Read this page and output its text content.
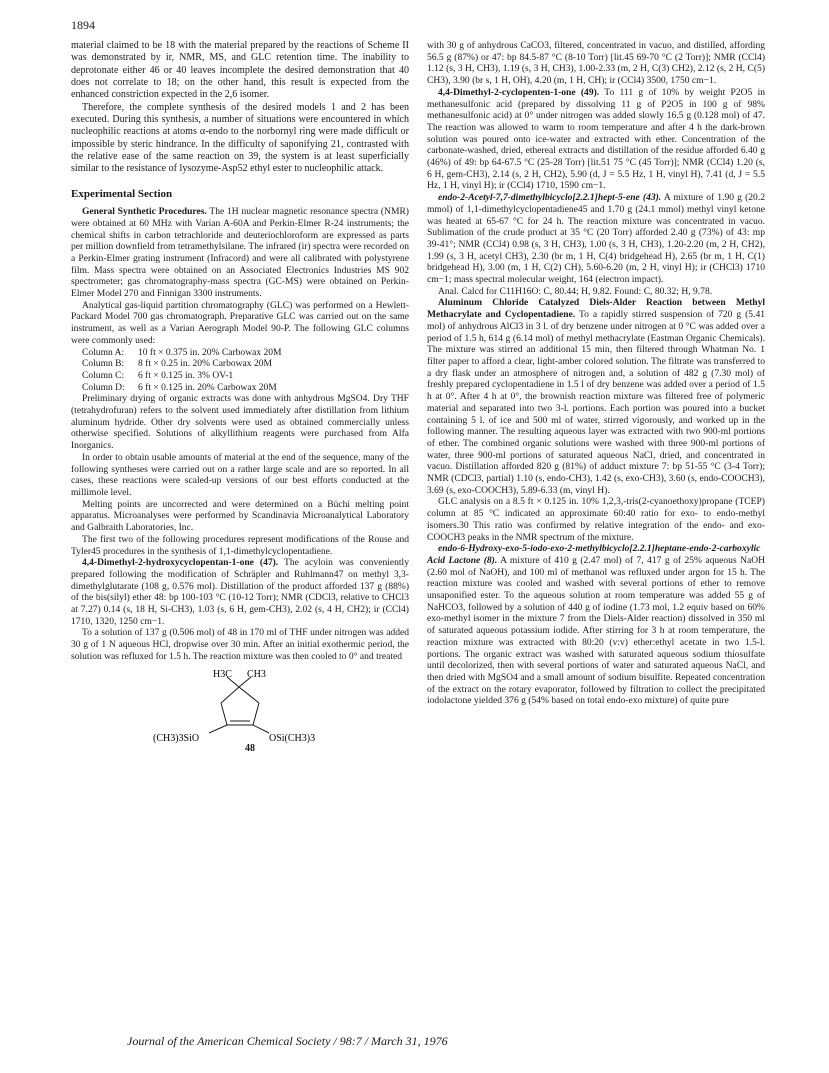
1894

material claimed to be 18 with the material prepared by the reactions of Scheme II was demonstrated by ir, NMR, MS, and GLC retention time. The inability to deprotonate either 46 or 40 leaves incomplete the desired demonstration that 40 does not correlate to 18; on the other hand, this result is expected from the enhanced constriction expected in the 2,6 isomer.

Therefore, the complete synthesis of the desired models 1 and 2 has been executed. During this synthesis, a number of situations were encountered in which nucleophilic reactions at atoms α-endo to the norbornyl ring were made difficult or impossible by steric hindrance. In the difficulty of saponifying 21, contrasted with the relative ease of the same reaction on 39, the system is at least superficially similar to the resistance of lysozyme-Asp52 ethyl ester to nucleophilic attack.

Experimental Section

General Synthetic Procedures. The 1H nuclear magnetic resonance spectra (NMR) were obtained at 60 MHz with Varian A-60A and Perkin-Elmer R-24 instruments; the chemical shifts in carbon tetrachloride and deuteriochloroform are expressed as parts per million downfield from tetramethylsilane. The infrared (ir) spectra were recorded on a Perkin-Elmer grating instrument (Infracord) and were all calibrated with polystyrene film. Mass spectra were obtained on an Associated Electronics Industries MS 902 spectrometer; gas chromatography-mass spectra (GC-MS) were obtained on Perkin-Elmer Model 270 and Finnigan 3300 instruments.

Analytical gas-liquid partition chromatography (GLC) was performed on a Hewlett-Packard Model 700 gas chromatograph. Preparative GLC was carried out on the same instrument, as well as a Varian Aerograph Model 90-P. The following GLC columns were commonly used:

Column A: 10 ft × 0.375 in. 20% Carbowax 20M
Column B: 8 ft × 0.25 in. 20% Carbowax 20M
Column C: 6 ft × 0.125 in. 3% OV-1
Column D: 6 ft × 0.125 in. 20% Carbowax 20M

Preliminary drying of organic extracts was done with anhydrous MgSO4. Dry THF (tetrahydrofuran) refers to the solvent used immediately after distillation from lithium aluminum hydride. Other dry solvents were used as obtained commercially unless otherwise specified. Solutions of alkyllithium reagents were purchased from Alfa Inorganics.

In order to obtain usable amounts of material at the end of the sequence, many of the following syntheses were carried out on a rather large scale and are so reported. In all cases, these reactions were scaled-up versions of our best efforts conducted at the millimole level.

Melting points are uncorrected and were determined on a Büchi melting point apparatus. Microanalyses were performed by Scandinavia Microanalytical Laboratory and Galbraith Laboratories, Inc.

The first two of the following procedures represent modifications of the Rouse and Tyler45 procedures in the synthesis of 1,1-dimethylcyclopentadiene.

4,4-Dimethyl-2-hydroxycyclopentan-1-one (47). The acyloin was conveniently prepared following the modification of Schräpler and Ruhlmann47 on methyl 3,3-dimethylglutarate (108 g, 0.576 mol). Distillation of the product afforded 137 g (88%) of the bis(silyl) ether 48: bp 100-103 °C (10-12 Torr); NMR (CDCl3, relative to CHCl3 at 7.27) 0.14 (s, 18 H, Si-CH3), 1.03 (s, 6 H, gem-CH3), 2.02 (s, 4 H, CH2); ir (CCl4) 1710, 1320, 1250 cm−1.

To a solution of 137 g (0.506 mol) of 48 in 170 ml of THF under nitrogen was added 30 g of 1 N aqueous HCl, dropwise over 30 min. After an initial exothermic period, the solution was refluxed for 1.5 h. The reaction mixture was then cooled to 0° and treated

H3C CH3
(CH3)3SiO	OSi(CH3)3
48

with 30 g of anhydrous CaCO3, filtered, concentrated in vacuo, and distilled, affording 56.5 g (87%) or 47: bp 84.5-87 °C (8-10 Torr) [lit.45 69-70 °C (2 Torr)]; NMR (CCl4) 1.12 (s, 3 H, CH3), 1.19 (s, 3 H, CH3), 1.00-2.33 (m, 2 H, C(3) CH2), 2.12 (s, 2 H, C(5) CH3), 3.90 (br s, 1 H, OH), 4.20 (m, 1 H, CH); ir (CCl4) 3500, 1750 cm−1.

4,4-Dimethyl-2-cyclopenten-1-one (49). To 111 g of 10% by weight P2O5 in methanesulfonic acid (prepared by dissolving 11 g of P2O5 in 100 g of 98% methanesulfonic acid) at 0° under nitrogen was added slowly 16.5 g (0.128 mol) of 47. The reaction was allowed to warm to room temperature and after 4 h the dark-brown solution was poured onto ice-water and extracted with ether. Concentration of the carbonate-washed, dried, ethereal extracts and distillation of the residue afforded 6.40 g (46%) of 49: bp 64-67.5 °C (25-28 Torr) [lit.51 75 °C (45 Torr)]; NMR (CCl4) 1.20 (s, 6 H, gem-CH3), 2.14 (s, 2 H, CH2), 5.90 (d, J = 5.5 Hz, 1 H, vinyl H), 7.41 (d, J = 5.5 Hz, 1 H, vinyl H); ir (CCl4) 1710, 1590 cm−1.

endo-2-Acetyl-7,7-dimethylbicyclo[2.2.1]hept-5-ene (43). A mixture of 1.90 g (20.2 mmol) of 1,1-dimethylcyclopentadiene45 and 1.70 g (24.1 mmol) methyl vinyl ketone was heated at 65-67 °C for 24 h. The reaction mixture was concentrated in vacuo. Sublimation of the crude product at 35 °C (20 Torr) afforded 2.40 g (73%) of 43: mp 39-41°; NMR (CCl4) 0.98 (s, 3 H, CH3), 1.00 (s, 3 H, CH3), 1.20-2.20 (m, 2 H, CH2), 1.99 (s, 3 H, acetyl CH3), 2.30 (br m, 1 H, C(4) bridgehead H), 2.65 (br m, 1 H, C(1) bridgehead H), 3.00 (m, 1 H, C(2) CH), 5.60-6.20 (m, 2 H, vinyl H); ir (CHCl3) 1710 cm−1; mass spectral molecular weight, 164 (electron impact).

Anal. Calcd for C11H16O: C, 80.44; H, 9.82. Found: C, 80.32; H, 9.78.

Aluminum Chloride Catalyzed Diels-Alder Reaction between Methyl Methacrylate and Cyclopentadiene. To a rapidly stirred suspension of 720 g (5.41 mol) of anhydrous AlCl3 in 3 l. of dry benzene under nitrogen at 0 °C was added over a period of 1.5 h, 614 g (6.14 mol) of methyl methacrylate (Eastman Organic Chemicals). The mixture was stirred an additional 15 min, then filtered through Whatman No. 1 filter paper to afford a clear, light-amber colored solution. The filtrate was transferred to a dry flask under an atmosphere of nitrogen and, a solution of 482 g (7.30 mol) of freshly prepared cyclopentadiene in 1.5 l of dry benzene was added over a period of 1.5 h at 0°. After 4 h at 0°, the brownish reaction mixture was filtered free of polymeric material and separated into two 3-l. portions. Each portion was poured into a bucket containing 5 l. of ice and 500 ml of water, stirred vigorously, and worked up in the following manner. The resulting aqueous layer was extracted with two 900-ml portions of ether. The combined organic solutions were washed with three 900-ml portions of water, three 900-ml portions of saturated aqueous NaCl, dried, and concentrated in vacuo. Distillation afforded 820 g (81%) of adduct mixture 7: bp 51-55 °C (3-4 Torr); NMR (CDCl3, partial) 1.10 (s, endo-CH3), 1.42 (s, exo-CH3), 3.60 (s, endo-COOCH3), 3.69 (s, exo-COOCH3), 5.89-6.33 (m, vinyl H).

GLC analysis on a 8.5 ft × 0.125 in. 10% 1,2,3,-tris(2-cyanoethoxy)propane (TCEP) column at 85 °C indicated an approximate 60:40 ratio for exo- to endo-methyl isomers.30 This ratio was confirmed by relative integration of the endo- and exo-COOCH3 peaks in the NMR spectrum of the mixture.

endo-6-Hydroxy-exo-5-iodo-exo-2-methylbicyclo[2.2.1]heptane-endo-2-carboxylic Acid Lactone (8). A mixture of 410 g (2.47 mol) of 7, 417 g of 25% aqueous NaOH (2.60 mol of NaOH), and 100 ml of methanol was refluxed under argon for 15 h. The reaction mixture was cooled and washed with several portions of ether to remove unsaponified ester. To the aqueous solution at room temperature was added 55 g of NaHCO3, followed by a solution of 440 g of iodine (1.73 mol, 1.2 equiv based on 60% exo-methyl isomer in the mixture 7 from the Diels-Alder reaction) dissolved in 350 ml of saturated aqueous potassium iodide. After stirring for 3 h at room temperature, the reaction mixture was extracted with 80:20 (v:v) ether:ethyl acetate in two 1.5-l. portions. The organic extract was washed with saturated aqueous sodium thiosulfate until decolorized, then with several portions of water and saturated aqueous NaCl, and then dried with MgSO4 and a small amount of sodium bisulfite. Repeated concentration of the extract on the rotary evaporator, followed by filtration to collect the precipitated iodolactone yielded 376 g (54% based on total endo-exo mixture) of quite pure

Journal of the American Chemical Society / 98:7 / March 31, 1976
